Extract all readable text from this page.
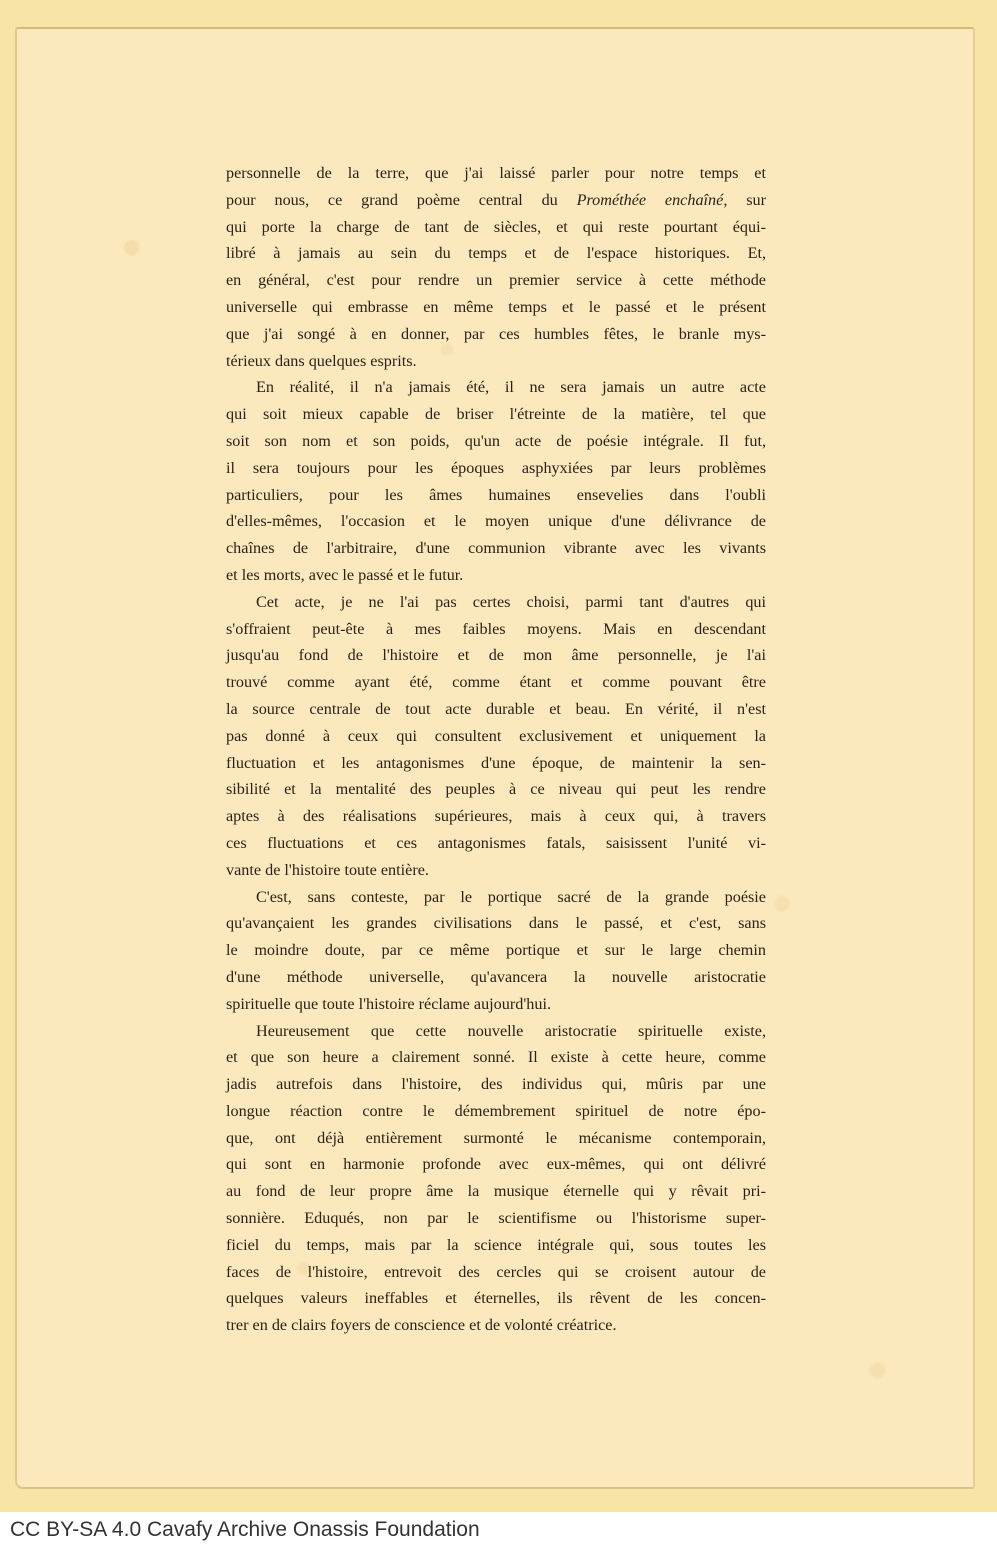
personnelle de la terre, que j'ai laissé parler pour notre temps et
pour nous, ce grand poème central du Prométhée enchaîné, sur
qui porte la charge de tant de siècles, et qui reste pourtant équi-
libré à jamais au sein du temps et de l'espace historiques. Et,
en général, c'est pour rendre un premier service à cette méthode
universelle qui embrasse en même temps et le passé et le présent
que j'ai songé à en donner, par ces humbles fêtes, le branle mys-
térieux dans quelques esprits.
En réalité, il n'a jamais été, il ne sera jamais un autre acte
qui soit mieux capable de briser l'étreinte de la matière, tel que
soit son nom et son poids, qu'un acte de poésie intégrale. Il fut,
il sera toujours pour les époques asphyxiées par leurs problèmes
particuliers, pour les âmes humaines ensevelies dans l'oubli
d'elles-mêmes, l'occasion et le moyen unique d'une délivrance de
chaînes de l'arbitraire, d'une communion vibrante avec les vivants
et les morts, avec le passé et le futur.
Cet acte, je ne l'ai pas certes choisi, parmi tant d'autres qui
s'offraient peut-ête à mes faibles moyens. Mais en descendant
jusqu'au fond de l'histoire et de mon âme personnelle, je l'ai
trouvé comme ayant été, comme étant et comme pouvant être
la source centrale de tout acte durable et beau. En vérité, il n'est
pas donné à ceux qui consultent exclusivement et uniquement la
fluctuation et les antagonismes d'une époque, de maintenir la sen-
sibilité et la mentalité des peuples à ce niveau qui peut les rendre
aptes à des réalisations supérieures, mais à ceux qui, à travers
ces fluctuations et ces antagonismes fatals, saisissent l'unité vi-
vante de l'histoire toute entière.
C'est, sans conteste, par le portique sacré de la grande poésie
qu'avançaient les grandes civilisations dans le passé, et c'est, sans
le moindre doute, par ce même portique et sur le large chemin
d'une méthode universelle, qu'avancera la nouvelle aristocratie
spirituelle que toute l'histoire réclame aujourd'hui.
Heureusement que cette nouvelle aristocratie spirituelle existe,
et que son heure a clairement sonné. Il existe à cette heure, comme
jadis autrefois dans l'histoire, des individus qui, mûris par une
longue réaction contre le démembrement spirituel de notre épo-
que, ont déjà entièrement surmonté le mécanisme contemporain,
qui sont en harmonie profonde avec eux-mêmes, qui ont délivré
au fond de leur propre âme la musique éternelle qui y rêvait pri-
sonnière. Eduqués, non par le scientifisme ou l'historisme super-
ficiel du temps, mais par la science intégrale qui, sous toutes les
faces de l'histoire, entrevoit des cercles qui se croisent autour de
quelques valeurs ineffables et éternelles, ils rêvent de les concen-
trer en de clairs foyers de conscience et de volonté créatrice.
CC BY-SA 4.0 Cavafy Archive Onassis Foundation
